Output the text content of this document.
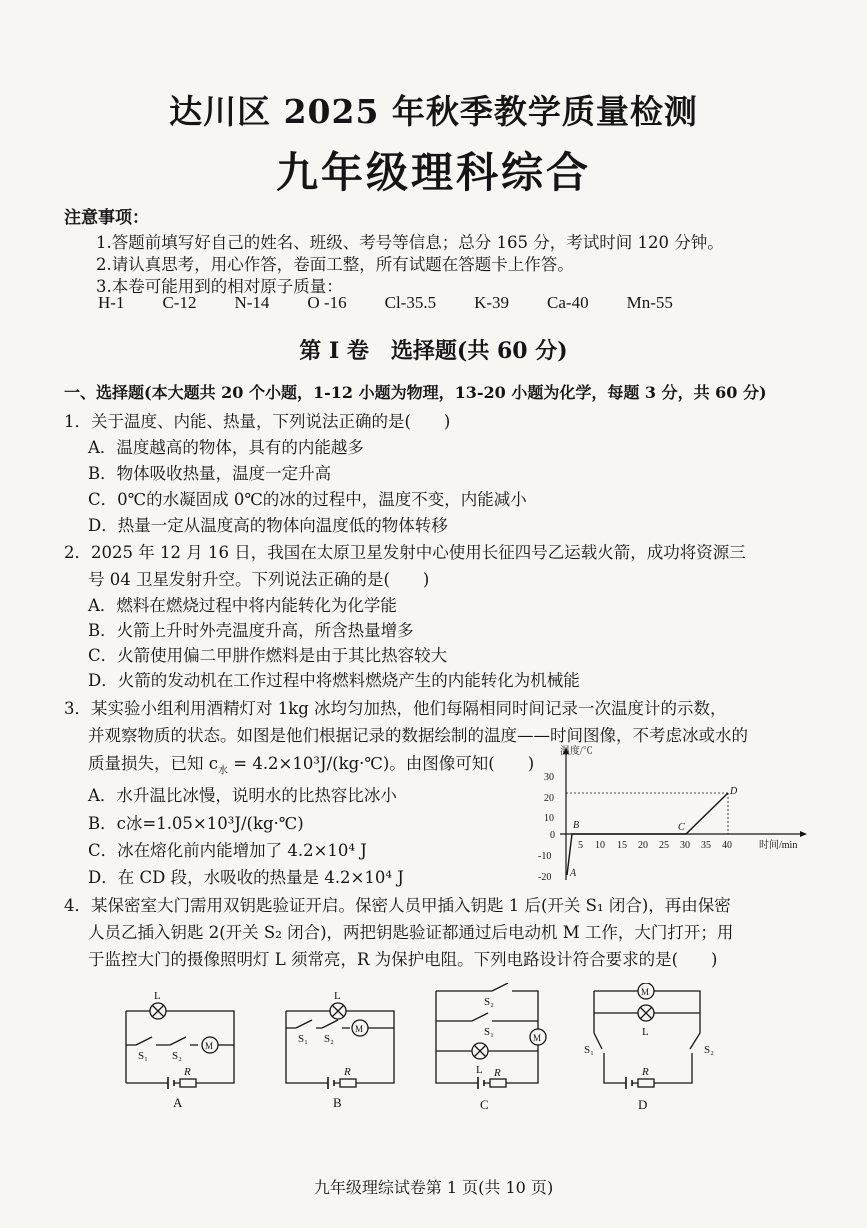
达川区 2025 年秋季教学质量检测
九年级理科综合
注意事项：
1.答题前填写好自己的姓名、班级、考号等信息；总分 165 分，考试时间 120 分钟。
2.请认真思考，用心作答，卷面工整，所有试题在答题卡上作答。
3.本卷可能用到的相对原子质量：
H-1 C-12 N-14 O -16 Cl-35.5 K-39 Ca-40 Mn-55
第 I 卷 选择题(共 60 分)
一、选择题(本大题共 20 个小题，1-12 小题为物理，13-20 小题为化学，每题 3 分，共 60 分)
1．关于温度、内能、热量，下列说法正确的是(　　)
A．温度越高的物体，具有的内能越多
B．物体吸收热量，温度一定升高
C．0℃的水凝固成 0℃的冰的过程中，温度不变，内能减小
D．热量一定从温度高的物体向温度低的物体转移
2．2025 年 12 月 16 日，我国在太原卫星发射中心使用长征四号乙运载火箭，成功将资源三
号 04 卫星发射升空。下列说法正确的是(　　)
A．燃料在燃烧过程中将内能转化为化学能
B．火箭上升时外壳温度升高，所含热量增多
C．火箭使用偏二甲肼作燃料是由于其比热容较大
D．火箭的发动机在工作过程中将燃料燃烧产生的内能转化为机械能
3．某实验小组利用酒精灯对 1kg 冰均匀加热，他们每隔相同时间记录一次温度计的示数，
并观察物质的状态。如图是他们根据记录的数据绘制的温度——时间图像，不考虑冰或水的
质量损失，已知 $c_水$ = 4.2×10³J/(kg·℃)。由图像可知(　　)
A．水升温比冰慢，说明水的比热容比冰小
B．c冰=1.05×10³J/(kg·℃)
C．冰在熔化前内能增加了 4.2×10⁴ J
D．在 CD 段，水吸收的热量是 4.2×10⁴ J
温度/℃
时间/min
30
20
10
0
-10
-20
5 10 15 20 25 30 35 40
A
B	C
D
4．某保密室大门需用双钥匙验证开启。保密人员甲插入钥匙 1 后(开关 S₁ 闭合)，再由保密
人员乙插入钥匙 2(开关 S₂ 闭合)，两把钥匙验证都通过后电动机 M 工作，大门打开；用
于监控大门的摄像照明灯 L 须常亮，R 为保护电阻。下列电路设计符合要求的是(　　)
L
M
S₁ S₂
R
A
L
M
S₁ S₂
R
B
S₂
S₁	M
L R
C
M
L
S₁	S₂
R
D
九年级理综试卷第 1 页(共 10 页)
